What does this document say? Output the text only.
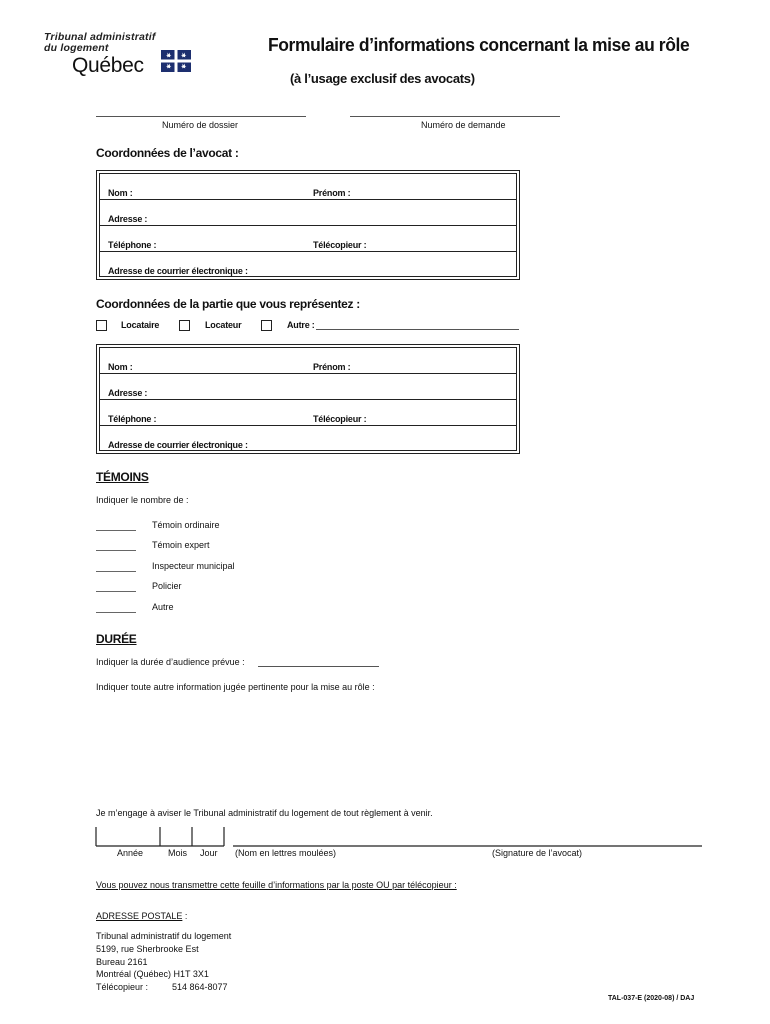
Tribunal administratif
du logement
Québec
Formulaire d’informations concernant la mise au rôle
(à l’usage exclusif des avocats)
Numéro de dossier	Numéro de demande
Coordonnées de l’avocat :
Nom :	Prénom :
Adresse :
Téléphone :	Télécopieur :
Adresse de courrier électronique :
Coordonnées de la partie que vous représentez :
Locataire	Locateur	Autre :
Nom :	Prénom :
Adresse :
Téléphone :	Télécopieur :
Adresse de courrier électronique :
TÉMOINS
Indiquer le nombre de :
Témoin ordinaire
Témoin expert
Inspecteur municipal
Policier
Autre
DURÉE
Indiquer la durée d’audience prévue :
Indiquer toute autre information jugée pertinente pour la mise au rôle :
Je m’engage à aviser le Tribunal administratif du logement de tout règlement à venir.
Année	Mois Jour (Nom en lettres moulées)	(Signature de l’avocat)
Vous pouvez nous transmettre cette feuille d’informations par la poste OU par télécopieur :
ADRESSE POSTALE :
Tribunal administratif du logement
5199, rue Sherbrooke Est
Bureau 2161
Montréal (Québec) H1T 3X1
Télécopieur :	514 864-8077
TAL-037-E (2020-08) / DAJ
